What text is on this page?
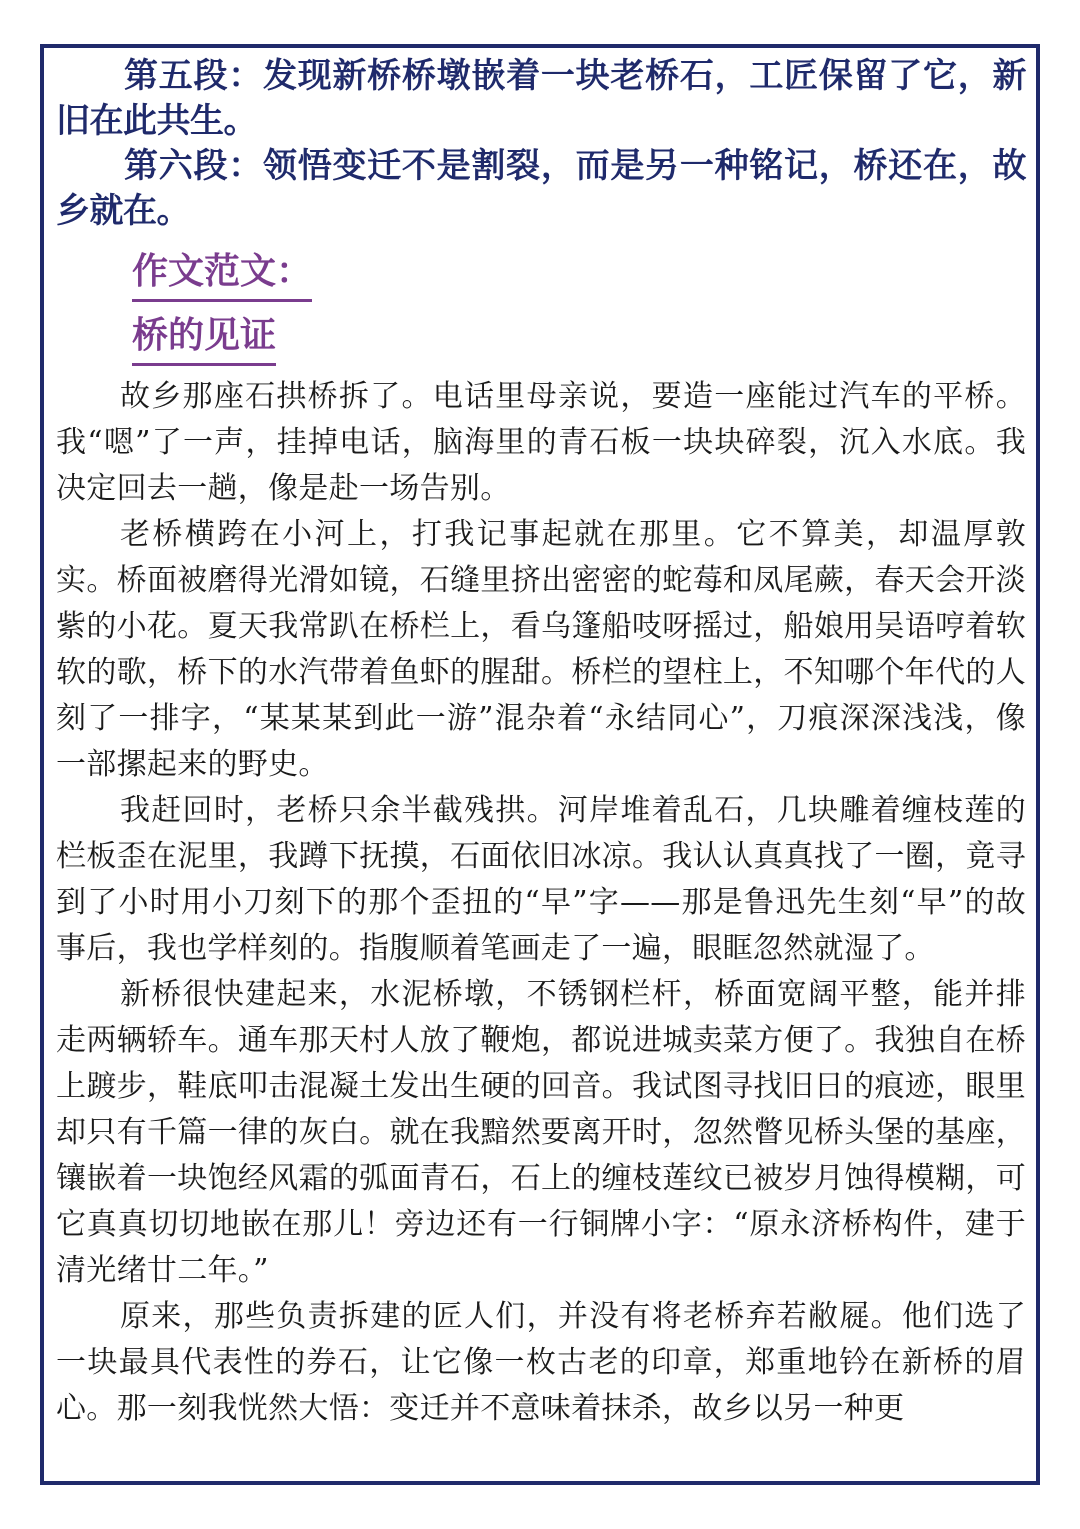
第五段：发现新桥桥墩嵌着一块老桥石，工匠保留了它，新旧在此共生。

第六段：领悟变迁不是割裂，而是另一种铭记，桥还在，故乡就在。

作文范文：
桥的见证

故乡那座石拱桥拆了。电话里母亲说，要造一座能过汽车的平桥。我“嗯”了一声，挂掉电话，脑海里的青石板一块块碎裂，沉入水底。我决定回去一趟，像是赴一场告别。

老桥横跨在小河上，打我记事起就在那里。它不算美，却温厚敦实。桥面被磨得光滑如镜，石缝里挤出密密的蛇莓和凤尾蕨，春天会开淡紫的小花。夏天我常趴在桥栏上，看乌篷船吱呀摇过，船娘用吴语哼着软软的歌，桥下的水汽带着鱼虾的腥甜。桥栏的望柱上，不知哪个年代的人刻了一排字，“某某某到此一游”混杂着“永结同心”，刀痕深深浅浅，像一部摞起来的野史。

我赶回时，老桥只余半截残拱。河岸堆着乱石，几块雕着缠枝莲的栏板歪在泥里，我蹲下抚摸，石面依旧冰凉。我认认真真找了一圈，竟寻到了小时用小刀刻下的那个歪扭的“早”字——那是鲁迅先生刻“早”的故事后，我也学样刻的。指腹顺着笔画走了一遍，眼眶忽然就湿了。

新桥很快建起来，水泥桥墩，不锈钢栏杆，桥面宽阔平整，能并排走两辆轿车。通车那天村人放了鞭炮，都说进城卖菜方便了。我独自在桥上踱步，鞋底叩击混凝土发出生硬的回音。我试图寻找旧日的痕迹，眼里却只有千篇一律的灰白。就在我黯然要离开时，忽然瞥见桥头堡的基座，镶嵌着一块饱经风霜的弧面青石，石上的缠枝莲纹已被岁月蚀得模糊，可它真真切切地嵌在那儿！旁边还有一行铜牌小字：“原永济桥构件，建于清光绪廿二年。”

原来，那些负责拆建的匠人们，并没有将老桥弃若敝屣。他们选了一块最具代表性的券石，让它像一枚古老的印章，郑重地钤在新桥的眉心。那一刻我恍然大悟：变迁并不意味着抹杀，故乡以另一种更
